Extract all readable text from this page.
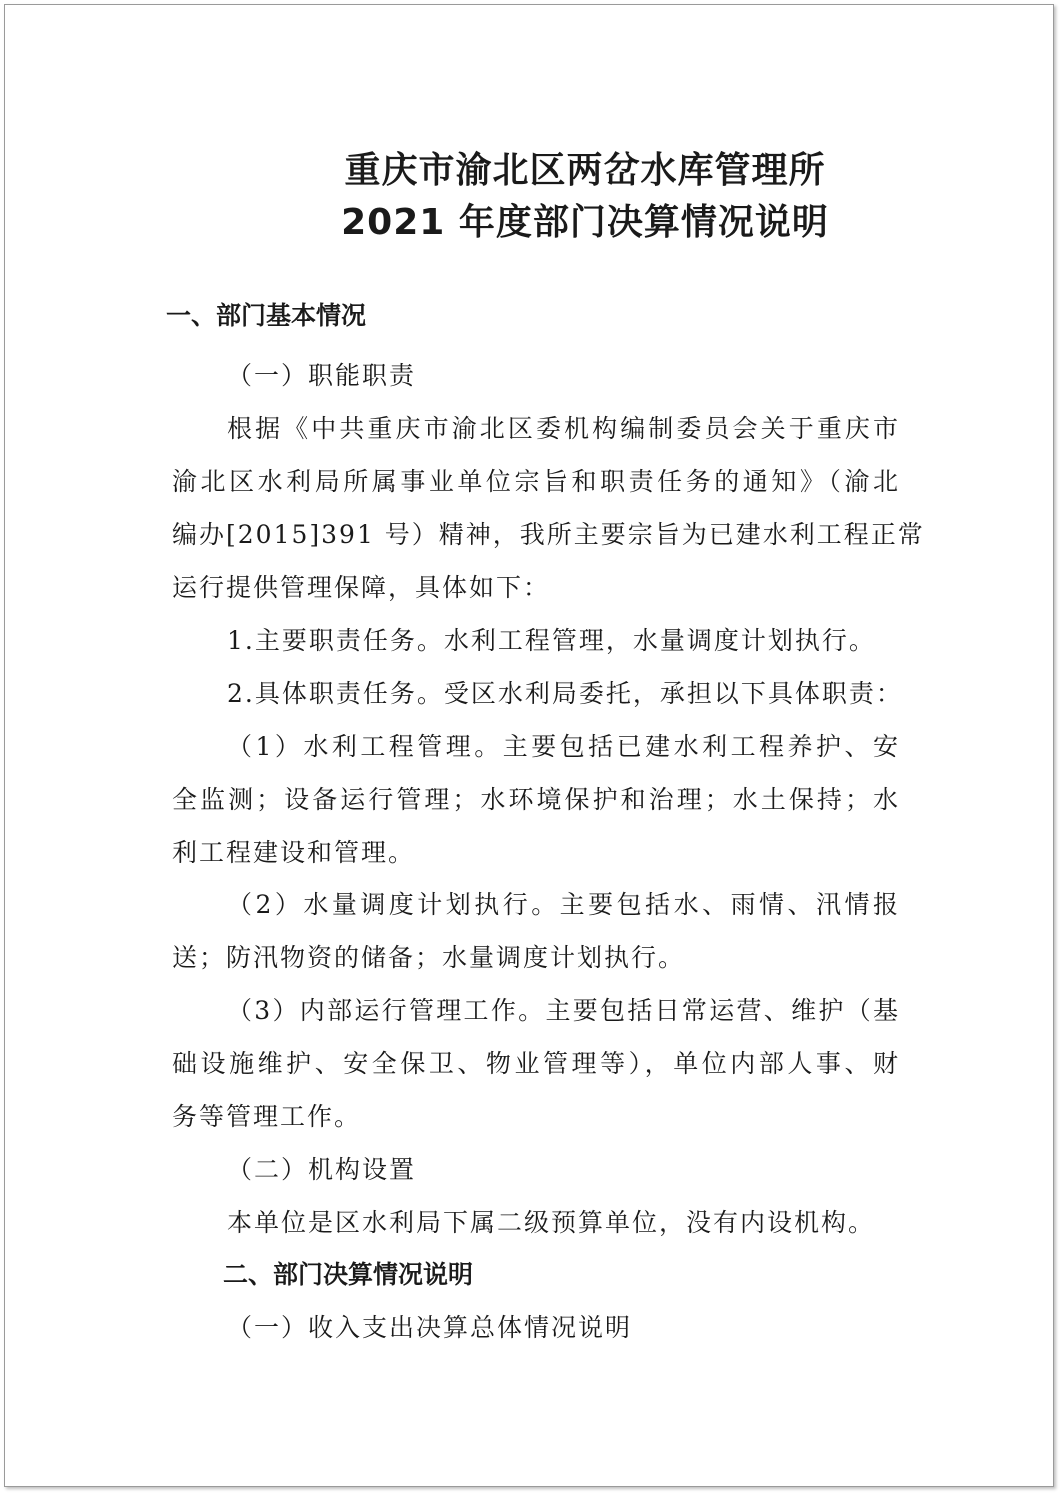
重庆市渝北区两岔水库管理所
2021 年度部门决算情况说明
一、部门基本情况
（一）职能职责
根据《中共重庆市渝北区委机构编制委员会关于重庆市
渝北区水利局所属事业单位宗旨和职责任务的通知》（渝北
编办[2015]391 号）精神，我所主要宗旨为已建水利工程正常
运行提供管理保障，具体如下：
1.主要职责任务。水利工程管理，水量调度计划执行。
2.具体职责任务。受区水利局委托，承担以下具体职责：
（1）水利工程管理。主要包括已建水利工程养护、安
全监测；设备运行管理；水环境保护和治理；水土保持；水
利工程建设和管理。
（2）水量调度计划执行。主要包括水、雨情、汛情报
送；防汛物资的储备；水量调度计划执行。
（3）内部运行管理工作。主要包括日常运营、维护（基
础设施维护、安全保卫、物业管理等），单位内部人事、财
务等管理工作。
（二）机构设置
本单位是区水利局下属二级预算单位，没有内设机构。
二、部门决算情况说明
（一）收入支出决算总体情况说明
